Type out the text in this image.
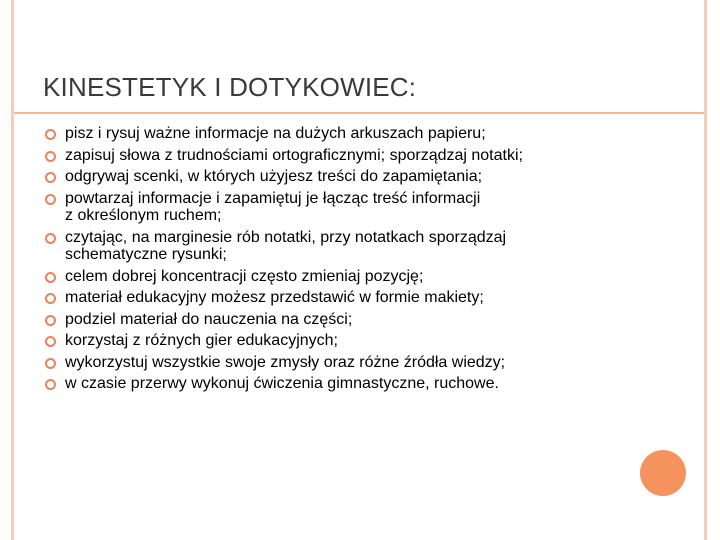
KINESTETYK I DOTYKOWIEC:
pisz i rysuj ważne informacje na dużych arkuszach papieru;
zapisuj słowa z trudnościami ortograficznymi; sporządzaj notatki;
odgrywaj scenki, w których użyjesz treści do zapamiętania;
powtarzaj informacje i zapamiętuj je łącząc treść informacji
z określonym ruchem;
czytając, na marginesie rób notatki, przy notatkach sporządzaj
schematyczne rysunki;
celem dobrej koncentracji często zmieniaj pozycję;
materiał edukacyjny możesz przedstawić w formie makiety;
podziel materiał do nauczenia na części;
korzystaj z różnych gier edukacyjnych;
wykorzystuj wszystkie swoje zmysły oraz różne źródła wiedzy;
w czasie przerwy wykonuj ćwiczenia gimnastyczne, ruchowe.
